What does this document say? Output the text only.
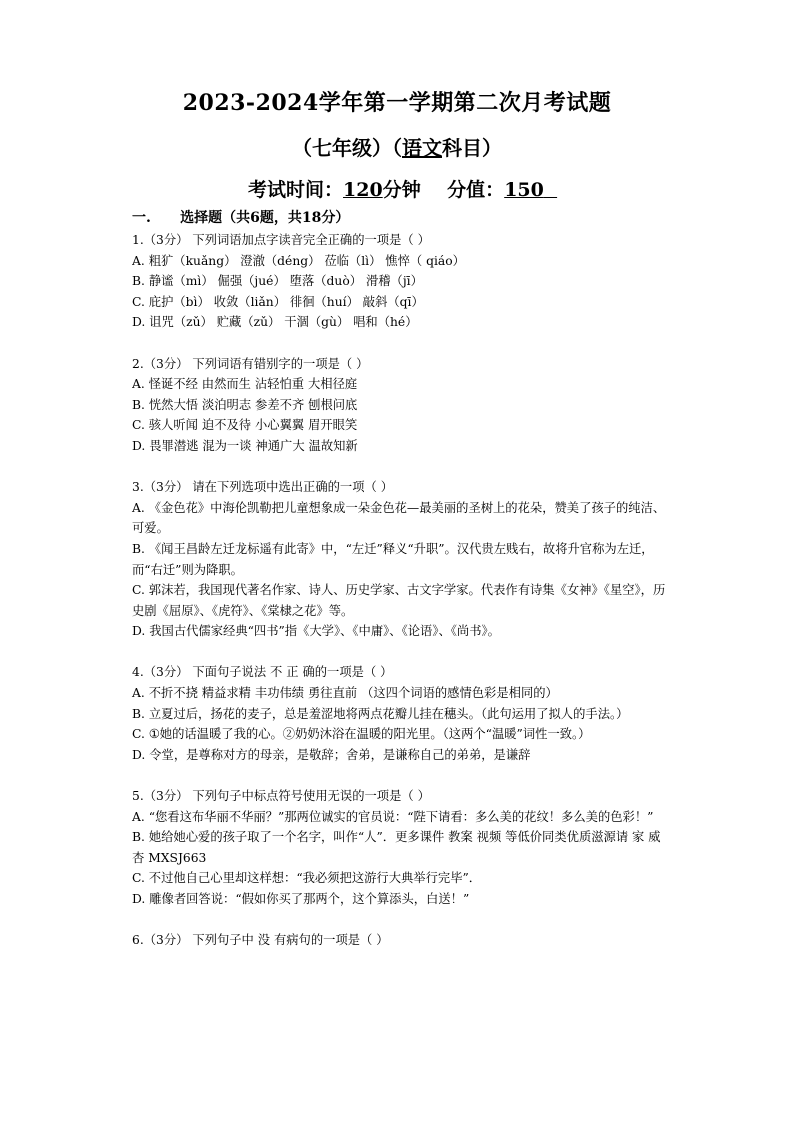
2023-2024学年第一学期第二次月考试题
（七年级）（语文科目）
考试时间：120分钟 分值：150
一. 选择题（共6题，共18分）
1.（3分） 下列词语加点字读音完全正确的一项是（ ）
A. 粗犷（kuǎng） 澄澈（déng） 莅临（lì） 憔悴（ qiáo）
B. 静谧（mì） 倔强（jué） 堕落（duò） 滑稽（jī）
C. 庇护（bì） 收敛（liǎn） 徘徊（huí） 敲斜（qī）
D. 诅咒（zǔ） 贮藏（zǔ） 干涸（gù） 唱和（hé）
2.（3分） 下列词语有错别字的一项是（ ）
A. 怪诞不经 由然而生 沾轻怕重 大相径庭
B. 恍然大悟 淡泊明志 参差不齐 刨根问底
C. 骇人听闻 迫不及待 小心翼翼 眉开眼笑
D. 畏罪潜逃 混为一谈 神通广大 温故知新
3.（3分） 请在下列选项中选出正确的一项（ ）
A. 《金色花》中海伦凯勒把儿童想象成一朵金色花—最美丽的圣树上的花朵，赞美了孩子的纯洁、可爱。
B. 《闻王昌龄左迁龙标遥有此寄》中，“左迁”释义“升职”。汉代贵左贱右，故将升官称为左迁，而“右迁”则为降职。
C. 郭沫若，我国现代著名作家、诗人、历史学家、古文字学家。代表作有诗集《女神》《星空》，历史剧《屈原》、《虎符》、《棠棣之花》等。
D. 我国古代儒家经典“四书”指《大学》、《中庸》、《论语》、《尚书》。
4.（3分） 下面句子说法 不 正 确的一项是（ ）
A. 不折不挠 精益求精 丰功伟绩 勇往直前 （这四个词语的感情色彩是相同的）
B. 立夏过后，扬花的麦子，总是羞涩地将两点花瓣儿挂在穗头。（此句运用了拟人的手法。）
C. ①她的话温暖了我的心。②奶奶沐浴在温暖的阳光里。（这两个“温暖”词性一致。）
D. 令堂，是尊称对方的母亲，是敬辞；舍弟，是谦称自己的弟弟，是谦辞
5.（3分） 下列句子中标点符号使用无误的一项是（ ）
A. “您看这布华丽不华丽？”那两位诚实的官员说：“陛下请看：多么美的花纹！多么美的色彩！”
B. 她给她心爱的孩子取了一个名字，叫作“人”．更多课件 教案 视频 等低价同类优质滋源请 家 威杏 MXSJ663
C. 不过他自己心里却这样想：“我必须把这游行大典举行完毕”．
D. 雕像者回答说：“假如你买了那两个，这个算添头，白送！”
6.（3分） 下列句子中 没 有病句的一项是（ ）
